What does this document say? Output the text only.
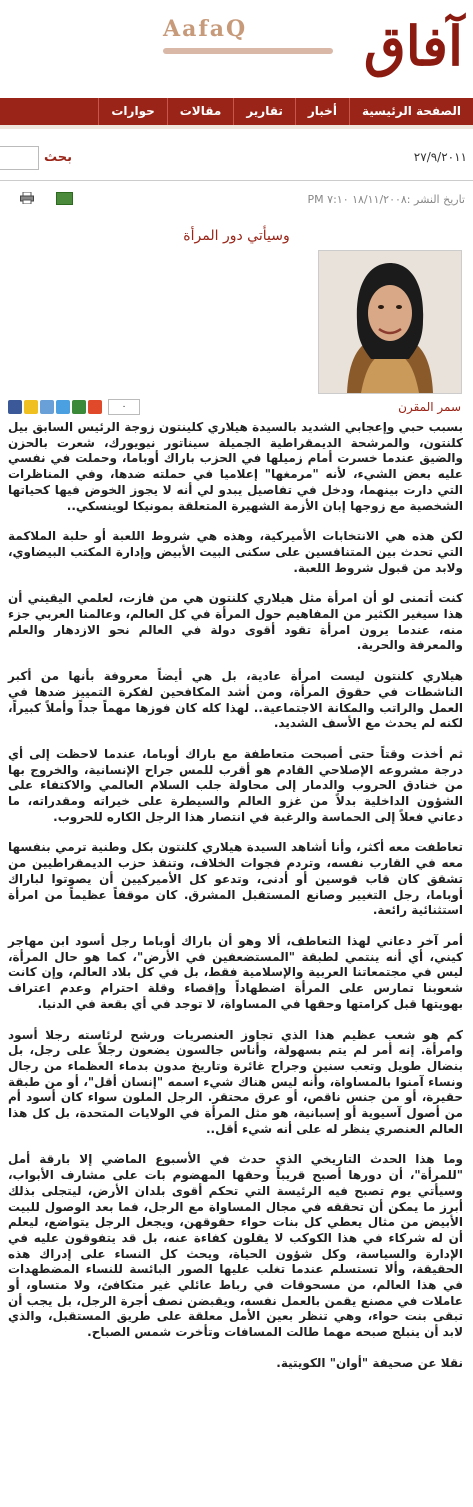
آفاق
AafaQ
الصفحة الرئيسية
أخبار
تقارير
مقالات
حوارات
٢٧/٩/٢٠١١
بحث
تاريخ النشر :١٨/١١/٢٠٠٨ ٧:١٠ PM
وسيأتي دور المرأة
٠	سمر المقرن

بسبب حبي وإعجابي الشديد بالسيدة هيلاري كلينتون زوجة الرئيس السابق بيل كلنتون، والمرشحة الديمقراطية الجميلة سيناتور نيويورك، شعرت بالحزن والضيق عندما خسرت أمام زميلها في الحزب باراك أوباما، وحملت في نفسي عليه بعض الشيء، لأنه "مرمغها" إعلاميا في حملته ضدها، وفي المناظرات التي دارت بينهما، ودخل في تفاصيل يبدو لي أنه لا يجوز الخوض فيها كحياتها الشخصية مع زوجها إبان الأزمة الشهيرة المتعلقة بمونيكا لوينسكي..

لكن هذه هي الانتخابات الأميركية، وهذه هي شروط اللعبة أو حلبة الملاكمة التي تحدث بين المتنافسين على سكنى البيت الأبيض وإدارة المكتب البيضاوي، ولابد من قبول شروط اللعبة.

كنت أتمنى لو أن امرأة مثل هيلاري كلنتون هي من فازت، لعلمي اليقيني أن هذا سيغير الكثير من المفاهيم حول المرأة في كل العالم، وعالمنا العربي جزء منه، عندما يرون امرأة تقود أقوى دولة في العالم نحو الازدهار والعلم والمعرفة والحرية.

هيلاري كلنتون ليست امرأة عادية، بل هي أيضاً معروفة بأنها من أكبر الناشطات في حقوق المرأة، ومن أشد المكافحين لفكرة التمييز ضدها في العمل والراتب والمكانة الاجتماعية.. لهذا كله كان فوزها مهماً جداً وأملاً كبيراً، لكنه لم يحدث مع الأسف الشديد.

ثم أخذت وقتاً حتى أصبحت متعاطفة مع باراك أوباما، عندما لاحظت إلى أي درجة مشروعه الإصلاحي القادم هو أقرب للمس جراح الإنسانية، والخروج بها من خنادق الحروب والدمار إلى محاولة جلب السلام العالمي والاكتفاء على الشؤون الداخلية بدلاً من غزو العالم والسيطرة على خيراته ومقدراته، ما دعاني فعلاً إلى الحماسة والرغبة في انتصار هذا الرجل الكاره للحروب.

تعاطفت معه أكثر، وأنا أشاهد السيدة هيلاري كلنتون بكل وطنية ترمي بنفسها معه في القارب نفسه، وتردم فجوات الخلاف، وتنقذ حزب الديمقراطيين من تشقق كان قاب قوسين أو أدنى، وتدعو كل الأميركيين أن يصوتوا لباراك أوباما، رجل التغيير وصانع المستقبل المشرق. كان موقفاً عظيماً من امرأة استثنائية رائعة.

أمر آخر دعاني لهذا التعاطف، ألا وهو أن باراك أوباما رجل أسود ابن مهاجر كيني، أي أنه ينتمي لطبقة "المستضعفين في الأرض"، كما هو حال المرأة، ليس في مجتمعاتنا العربية والإسلامية فقط، بل في كل بلاد العالم، وإن كانت شعوبنا تمارس على المرأة اضطهاداً وإقصاء وقلة احترام وعدم اعتراف بهويتها قبل كرامتها وحقها في المساواة، لا توجد في أي بقعة في الدنيا.

كم هو شعب عظيم هذا الذي تجاوز العنصريات ورشح لرئاسته رجلا أسود وامرأة. إنه أمر لم يتم بسهولة، وأناس جالسون يضعون رجلاً على رجل، بل بنضال طويل وتعب سنين وجراح غائرة وتاريخ مدون بدماء العظماء من رجال ونساء آمنوا بالمساواة، وأنه ليس هناك شيء اسمه "إنسان أقل"، أو من طبقة حقيرة، أو من جنس ناقص، أو عرق محتقر. الرجل الملون سواء كان أسود أم من أصول آسيوية أو إسبانية، هو مثل المرأة في الولايات المتحدة، بل كل هذا العالم العنصري ينظر له على أنه شيء أقل..

وما هذا الحدث التاريخي الذي حدث في الأسبوع الماضي إلا بارقة أمل "للمرأة"، أن دورها أصبح قريباً وحقها المهضوم بات على مشارف الأبواب، وسيأتي يوم تصبح فيه الرئيسة التي تحكم أقوى بلدان الأرض، ليتجلى بذلك أبرز ما يمكن أن تحققه في مجال المساواة مع الرجل، فما بعد الوصول للبيت الأبيض من مثال يعطي كل بنات حواء حقوقهن، ويجعل الرجل يتواضع، ليعلم أن له شركاء في هذا الكوكب لا يقلون كفاءة عنه، بل قد يتفوقون عليه في الإدارة والسياسة، وكل شؤون الحياة، ويحث كل النساء على إدراك هذه الحقيقة، وألا تستسلم عندما تغلب عليها الصور البائسة للنساء المضطهدات في هذا العالم، من مسحوقات في رباط عائلي غير متكافئ، ولا متساو، أو عاملات في مصنع يقمن بالعمل نفسه، ويقبضن نصف أجرة الرجل، بل يجب أن تبقى بنت حواء، وهي تنظر بعين الأمل معلقة على طريق المستقبل، والذي لابد أن ينبلج صبحه مهما طالت المسافات وتأخرت شمس الصباح.

نقلا عن صحيفة "أوان" الكويتية.
